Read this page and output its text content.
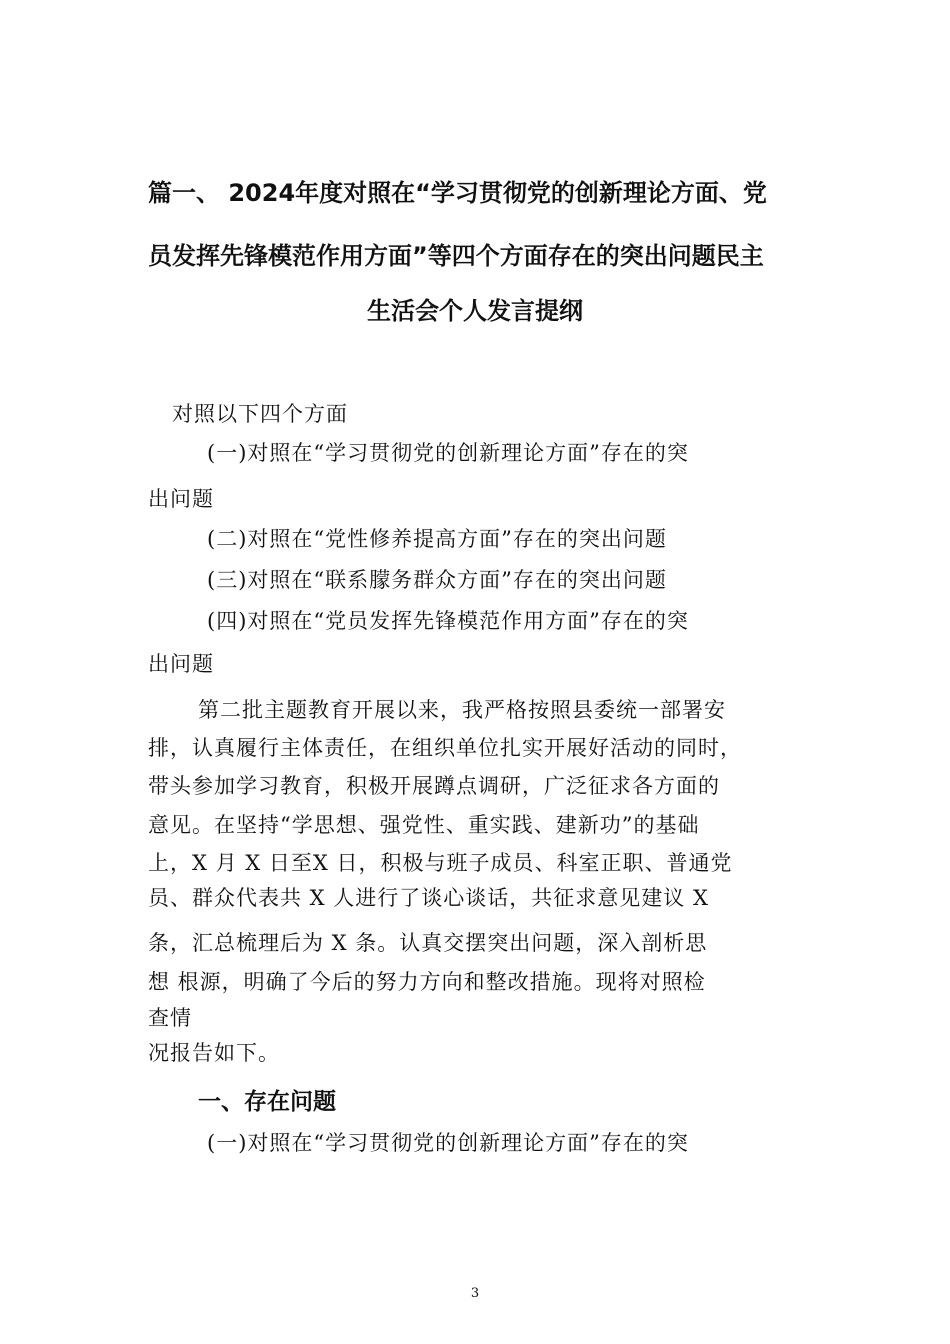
篇一、 2024年度对照在“学习贯彻党的创新理论方面、党
员发挥先锋模范作用方面”等四个方面存在的突出问题民主
生活会个人发言提纲
对照以下四个方面
(一)对照在“学习贯彻党的创新理论方面”存在的突
出问题
(二)对照在“党性修养提高方面”存在的突出问题
(三)对照在“联系朦务群众方面”存在的突出问题
(四)对照在“党员发挥先锋模范作用方面”存在的突
出问题
第二批主题教育开展以来，我严格按照县委统一部署安
排，认真履行主体责任，在组织单位扎实开展好活动的同时，
带头参加学习教育，积极开展蹲点调研，广泛征求各方面的
意见。在坚持“学思想、强党性、重实践、建新功”的基础
上，X 月 X 日至X 日，积极与班子成员、科室正职、普通党
员、群众代表共 X 人进行了谈心谈话，共征求意见建议 X
条，汇总梳理后为 X 条。认真交摆突出问题，深入剖析思
想 根源，明确了今后的努力方向和整改措施。现将对照检
查情
况报告如下。
一、存在问题
(一)对照在“学习贯彻党的创新理论方面”存在的突
3
